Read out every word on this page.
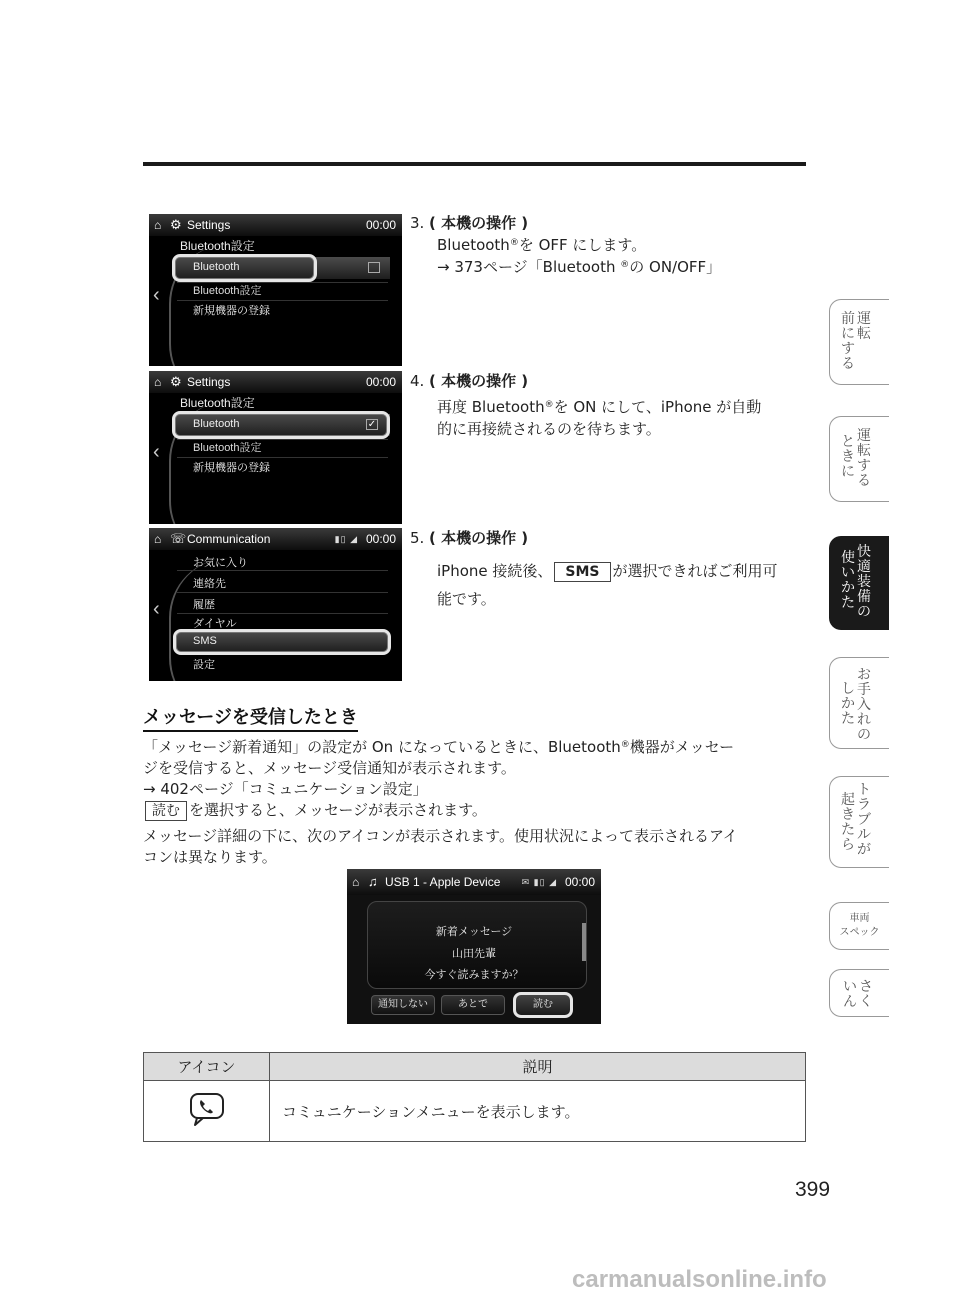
⌂ ⚙ Settings	00:00
‹
Bluetooth設定
Bluetooth
Bluetooth設定
新規機器の登録
⌂ ⚙ Settings	00:00
‹
Bluetooth設定
✓
Bluetooth
Bluetooth設定
新規機器の登録
⌂ ☏ Communication	▮▯ ◢ 00:00
‹
お気に入り
連絡先
履歴
ダイヤル
SMS
設定
3. ( 本機の操作 )
Bluetooth®を OFF にします。
→ 373ページ「Bluetooth ®の ON/OFF」
4. ( 本機の操作 )
再度 Bluetooth®を ON にして、iPhone が自動
的に再接続されるのを待ちます。
5. ( 本機の操作 )
iPhone 接続後、 SMS が選択できればご利用可
能です。
メッセージを受信したとき
「メッセージ新着通知」の設定が On になっているときに、Bluetooth®機器がメッセー
ジを受信すると、メッセージ受信通知が表示されます。
→ 402ページ「コミュニケーション設定」
読む を選択すると、メッセージが表示されます。
メッセージ詳細の下に、次のアイコンが表示されます。使用状況によって表示されるアイ
コンは異なります。
⌂ ♫ USB 1 - Apple Device ✉ ▮▯ ◢ 00:00
新着メッセージ
山田先輩
今すぐ読みますか？
通知しない	あとで	読む
アイコン	説明
	コミュニケーションメニューを表示します。
前
に
す
る
運
転
と
き
に
運
転
す
る
使
い
か
た
快
適
装
備
の
し
か
た
お
手
入
れ
の
起
き
た
ら
ト
ラ
ブ
ル
が
車両
スペック
い
ん
さ
く
399
carmanualsonline.info
